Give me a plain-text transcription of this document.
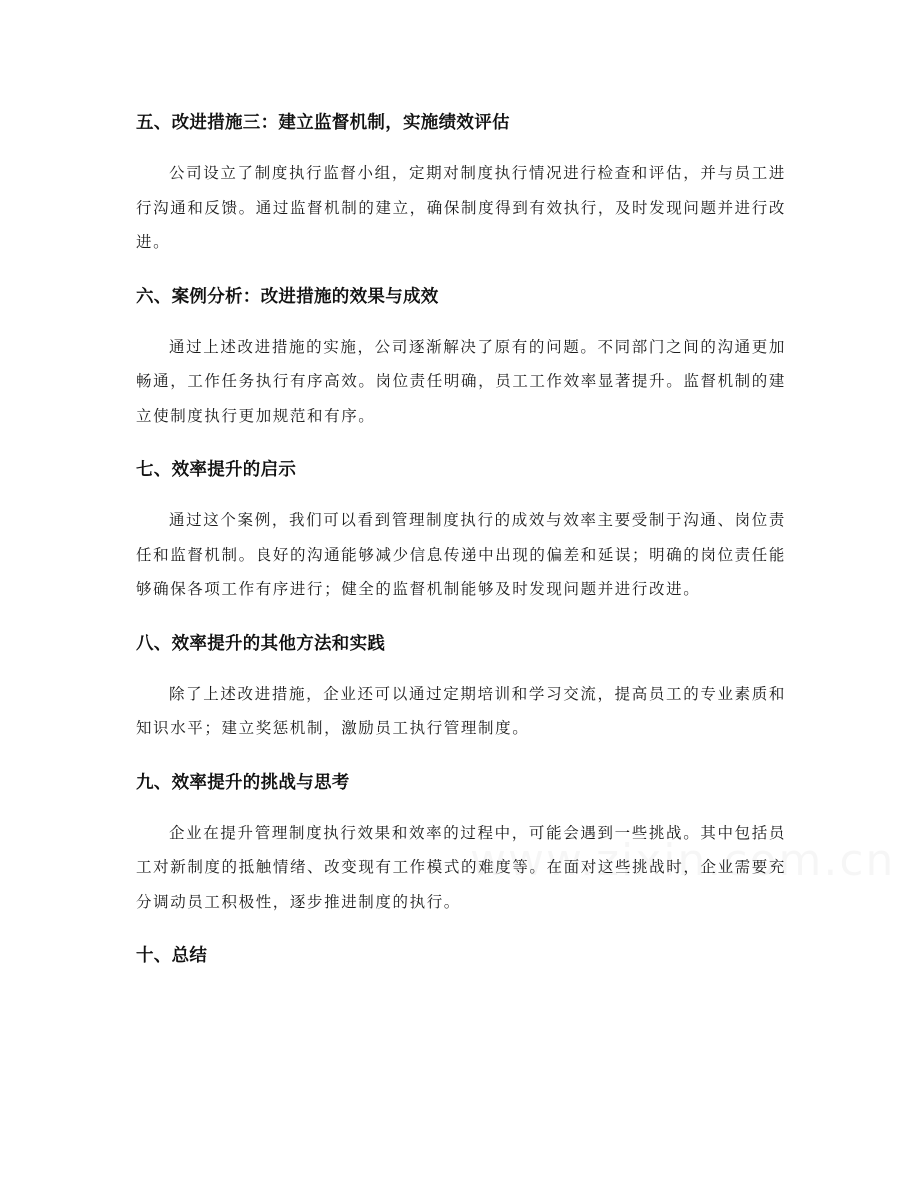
五、改进措施三：建立监督机制，实施绩效评估

公司设立了制度执行监督小组，定期对制度执行情况进行检查和评估，并与员工进行沟通和反馈。通过监督机制的建立，确保制度得到有效执行，及时发现问题并进行改进。

六、案例分析：改进措施的效果与成效

通过上述改进措施的实施，公司逐渐解决了原有的问题。不同部门之间的沟通更加畅通，工作任务执行有序高效。岗位责任明确，员工工作效率显著提升。监督机制的建立使制度执行更加规范和有序。

七、效率提升的启示

通过这个案例，我们可以看到管理制度执行的成效与效率主要受制于沟通、岗位责任和监督机制。良好的沟通能够减少信息传递中出现的偏差和延误；明确的岗位责任能够确保各项工作有序进行；健全的监督机制能够及时发现问题并进行改进。

八、效率提升的其他方法和实践

除了上述改进措施，企业还可以通过定期培训和学习交流，提高员工的专业素质和知识水平；建立奖惩机制，激励员工执行管理制度。

九、效率提升的挑战与思考

企业在提升管理制度执行效果和效率的过程中，可能会遇到一些挑战。其中包括员工对新制度的抵触情绪、改变现有工作模式的难度等。在面对这些挑战时，企业需要充分调动员工积极性，逐步推进制度的执行。

十、总结
